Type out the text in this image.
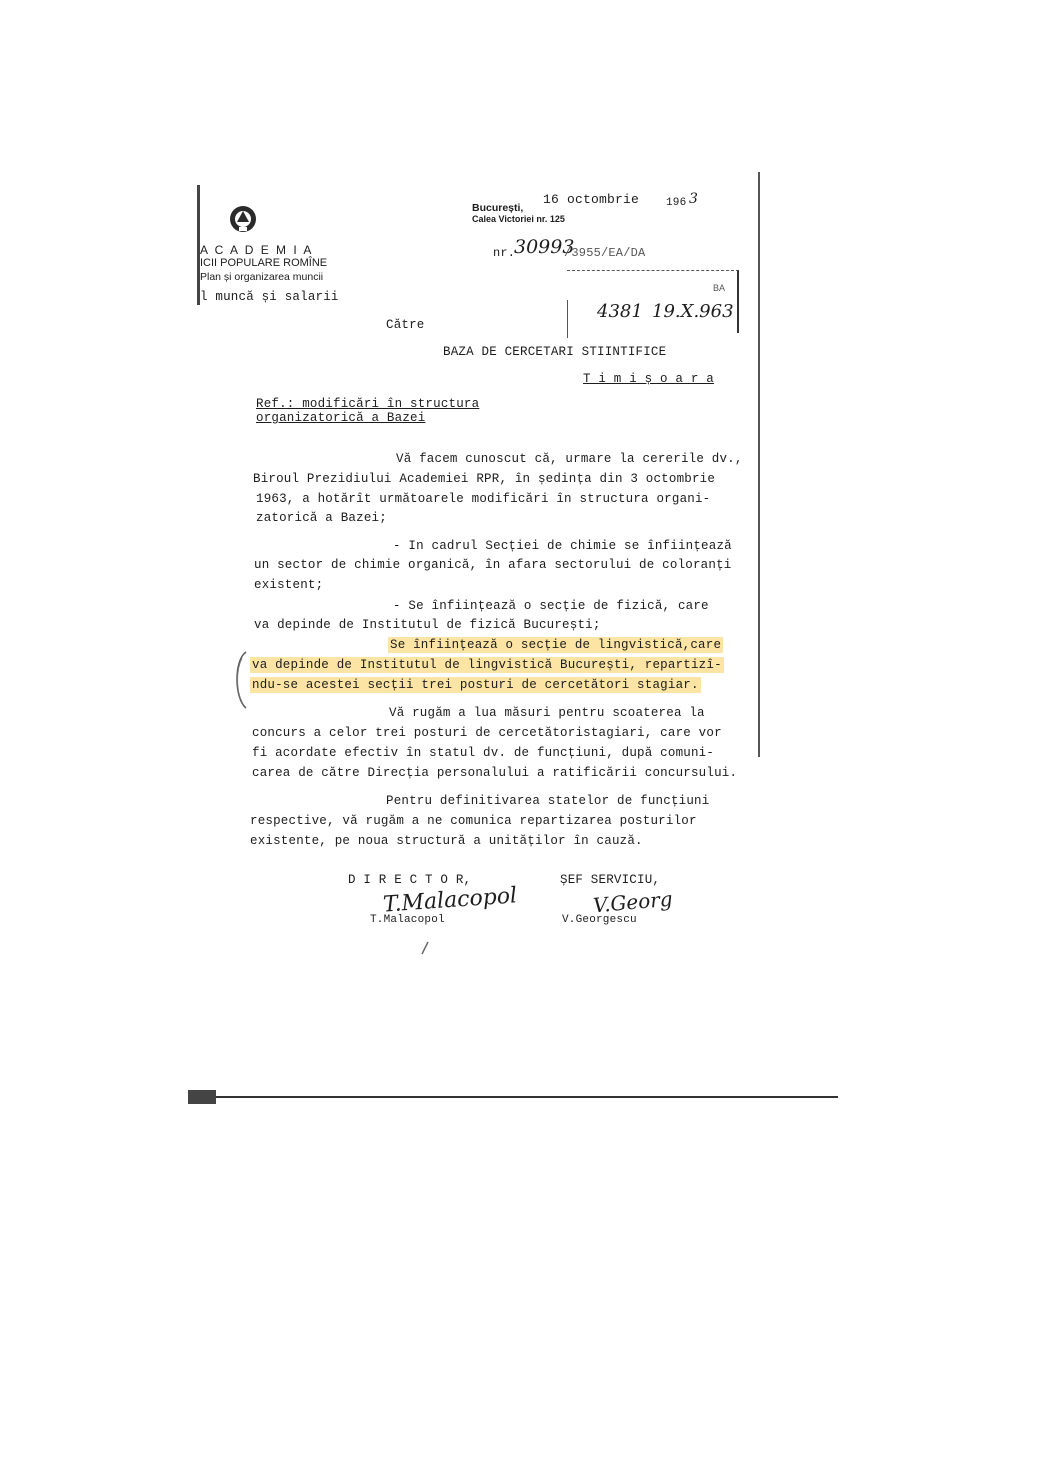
A C A D E M I A
ICII POPULARE ROMÎNE
Plan și organizarea muncii
l muncă și salarii
București,
16 octombrie 196 3
Calea Victoriei nr. 125
nr.
30993
/3955/EA/DA
BA
4381 19.X.963
Către
BAZA DE CERCETARI STIINTIFICE
T i m i ș o a r a
Ref.: modificări în structura
organizatorică a Bazei
Vă facem cunoscut că, urmare la cererile dv.,
Biroul Prezidiului Academiei RPR, în ședința din 3 octombrie
1963, a hotărît următoarele modificări în structura organi-
zatorică a Bazei;
- In cadrul Secției de chimie se înființează
un sector de chimie organică, în afara sectorului de coloranți
existent;
- Se înființează o secție de fizică, care
va depinde de Institutul de fizică București;
Se înființează o secție de lingvistică,care
va depinde de Institutul de lingvistică București, repartizî-
ndu-se acestei secții trei posturi de cercetători stagiar.
Vă rugăm a lua măsuri pentru scoaterea la
concurs a celor trei posturi de cercetătoristagiari, care vor
fi acordate efectiv în statul dv. de funcțiuni, după comuni-
carea de către Direcția personalului a ratificării concursului.
Pentru definitivarea statelor de funcțiuni
respective, vă rugăm a ne comunica repartizarea posturilor
existente, pe noua structură a unităților în cauză.
D I R E C T O R,
T.Malacopol
T.Malacopol
ȘEF SERVICIU,
V.Georg
V.Georgescu
